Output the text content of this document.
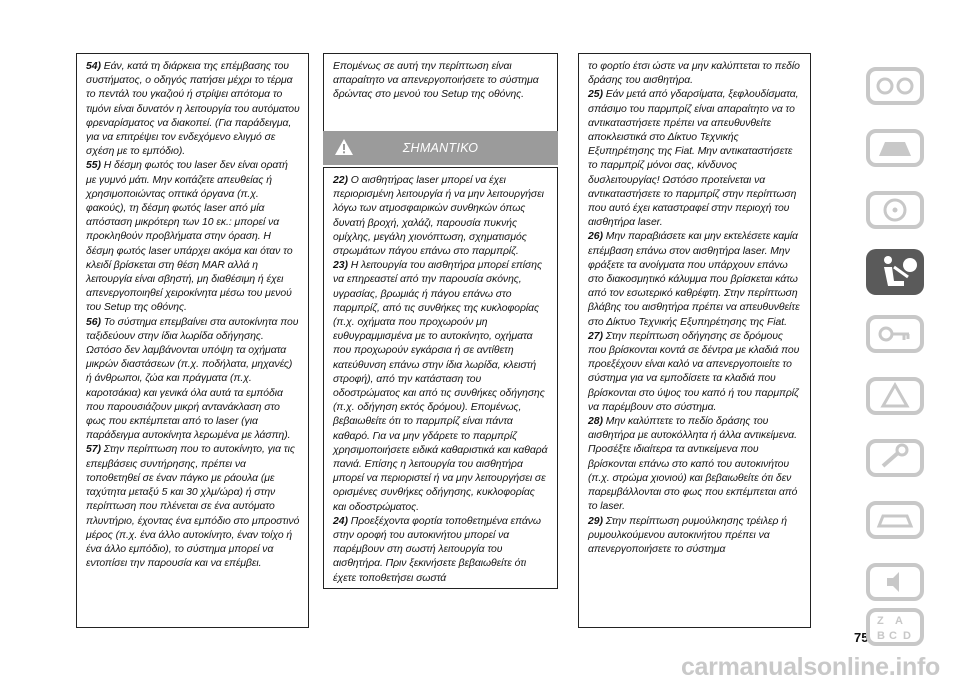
54) Εάν, κατά τη διάρκεια της επέμβασης του συστήματος, ο οδηγός πατήσει μέχρι το τέρμα το πεντάλ του γκαζιού ή στρίψει απότομα το τιμόνι είναι δυνατόν η λειτουργία του αυτόματου φρεναρίσματος να διακοπεί. (Για παράδειγμα, για να επιτρέψει τον ενδεχόμενο ελιγμό σε σχέση με το εμπόδιο).

55) Η δέσμη φωτός του laser δεν είναι ορατή με γυμνό μάτι. Μην κοιτάζετε απευθείας ή χρησιμοποιώντας οπτικά όργανα (π.χ. φακούς), τη δέσμη φωτός laser από μία απόσταση μικρότερη των 10 εκ.: μπορεί να προκληθούν προβλήματα στην όραση. Η δέσμη φωτός laser υπάρχει ακόμα και όταν το κλειδί βρίσκεται στη θέση MAR αλλά η λειτουργία είναι σβηστή, μη διαθέσιμη ή έχει απενεργοποιηθεί χειροκίνητα μέσω του μενού του Setup της οθόνης.

56) Το σύστημα επεμβαίνει στα αυτοκίνητα που ταξιδεύουν στην ίδια λωρίδα οδήγησης. Ωστόσο δεν λαμβάνονται υπόψη τα οχήματα μικρών διαστάσεων (π.χ. ποδήλατα, μηχανές) ή άνθρωποι, ζώα και πράγματα (π.χ. καροτσάκια) και γενικά όλα αυτά τα εμπόδια που παρουσιάζουν μικρή αντανάκλαση στο φως που εκπέμπεται από το laser (για παράδειγμα αυτοκίνητα λερωμένα με λάσπη).

57) Στην περίπτωση που το αυτοκίνητο, για τις επεμβάσεις συντήρησης, πρέπει να τοποθετηθεί σε έναν πάγκο με ράουλα (με ταχύτητα μεταξύ 5 και 30 χλμ/ώρα) ή στην περίπτωση που πλένεται σε ένα αυτόματο πλυντήριο, έχοντας ένα εμπόδιο στο μπροστινό μέρος (π.χ. ένα άλλο αυτοκίνητο, έναν τοίχο ή ένα άλλο εμπόδιο), το σύστημα μπορεί να εντοπίσει την παρουσία και να επέμβει.

Επομένως σε αυτή την περίπτωση είναι απαραίτητο να απενεργοποιήσετε το σύστημα δρώντας στο μενού του Setup της οθόνης.

ΣΗΜΑΝΤΙΚΟ

22) Ο αισθητήρας laser μπορεί να έχει περιορισμένη λειτουργία ή να μην λειτουργήσει λόγω των ατμοσφαιρικών συνθηκών όπως δυνατή βροχή, χαλάζι, παρουσία πυκνής ομίχλης, μεγάλη χιονόπτωση, σχηματισμός στρωμάτων πάγου επάνω στο παρμπρίζ.

23) Η λειτουργία του αισθητήρα μπορεί επίσης να επηρεαστεί από την παρουσία σκόνης, υγρασίας, βρωμιάς ή πάγου επάνω στο παρμπρίζ, από τις συνθήκες της κυκλοφορίας (π.χ. οχήματα που προχωρούν μη ευθυγραμμισμένα με το αυτοκίνητο, οχήματα που προχωρούν εγκάρσια ή σε αντίθετη κατεύθυνση επάνω στην ίδια λωρίδα, κλειστή στροφή), από την κατάσταση του οδοστρώματος και από τις συνθήκες οδήγησης (π.χ. οδήγηση εκτός δρόμου). Επομένως, βεβαιωθείτε ότι το παρμπρίζ είναι πάντα καθαρό. Για να μην γδάρετε το παρμπρίζ χρησιμοποιήσετε ειδικά καθαριστικά και καθαρά πανιά. Επίσης η λειτουργία του αισθητήρα μπορεί να περιοριστεί ή να μην λειτουργήσει σε ορισμένες συνθήκες οδήγησης, κυκλοφορίας και οδοστρώματος.

24) Προεξέχοντα φορτία τοποθετημένα επάνω στην οροφή του αυτοκινήτου μπορεί να παρέμβουν στη σωστή λειτουργία του αισθητήρα. Πριν ξεκινήσετε βεβαιωθείτε ότι έχετε τοποθετήσει σωστά

το φορτίο έτσι ώστε να μην καλύπτεται το πεδίο δράσης του αισθητήρα.

25) Εάν μετά από γδαρσίματα, ξεφλουδίσματα, σπάσιμο του παρμπρίζ είναι απαραίτητο να το αντικαταστήσετε πρέπει να απευθυνθείτε αποκλειστικά στο Δίκτυο Τεχνικής Εξυπηρέτησης της Fiat. Μην αντικαταστήσετε το παρμπρίζ μόνοι σας, κίνδυνος δυσλειτουργίας! Ωστόσο προτείνεται να αντικαταστήσετε το παρμπρίζ στην περίπτωση που αυτό έχει καταστραφεί στην περιοχή του αισθητήρα laser.

26) Μην παραβιάσετε και μην εκτελέσετε καμία επέμβαση επάνω στον αισθητήρα laser. Μην φράξετε τα ανοίγματα που υπάρχουν επάνω στο διακοσμητικό κάλυμμα που βρίσκεται κάτω από τον εσωτερικό καθρέφτη. Στην περίπτωση βλάβης του αισθητήρα πρέπει να απευθυνθείτε στο Δίκτυο Τεχνικής Εξυπηρέτησης της Fiat.

27) Στην περίπτωση οδήγησης σε δρόμους που βρίσκονται κοντά σε δέντρα με κλαδιά που προεξέχουν είναι καλό να απενεργοποιείτε το σύστημα για να εμποδίσετε τα κλαδιά που βρίσκονται στο ύψος του καπό ή του παρμπρίζ να παρέμβουν στο σύστημα.

28) Μην καλύπτετε το πεδίο δράσης του αισθητήρα με αυτοκόλλητα ή άλλα αντικείμενα. Προσέξτε ιδιαίτερα τα αντικείμενα που βρίσκονται επάνω στο καπό του αυτοκινήτου (π.χ. στρώμα χιονιού) και βεβαιωθείτε ότι δεν παρεμβάλλονται στο φως που εκπέμπεται από το laser.

29) Στην περίπτωση ρυμούλκησης τρέιλερ ή ρυμουλκούμενου αυτοκινήτου πρέπει να απενεργοποιήσετε το σύστημα

75
Z A
B C D
carmanualsonline.info
